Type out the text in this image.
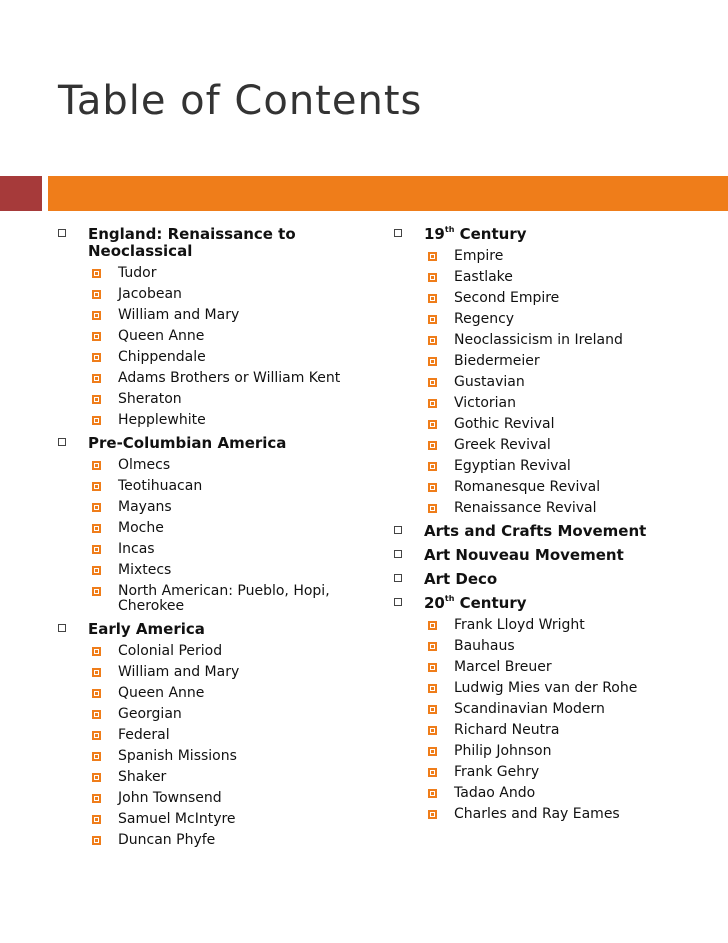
Table of Contents
England: Renaissance to Neoclassical
Tudor
Jacobean
William and Mary
Queen Anne
Chippendale
Adams Brothers or William Kent
Sheraton
Hepplewhite
Pre-Columbian America
Olmecs
Teotihuacan
Mayans
Moche
Incas
Mixtecs
North American: Pueblo, Hopi, Cherokee
Early America
Colonial Period
William and Mary
Queen Anne
Georgian
Federal
Spanish Missions
Shaker
John Townsend
Samuel McIntyre
Duncan Phyfe
19th Century
Empire
Eastlake
Second Empire
Regency
Neoclassicism in Ireland
Biedermeier
Gustavian
Victorian
Gothic Revival
Greek Revival
Egyptian Revival
Romanesque Revival
Renaissance Revival
Arts and Crafts Movement
Art Nouveau Movement
Art Deco
20th Century
Frank Lloyd Wright
Bauhaus
Marcel Breuer
Ludwig Mies van der Rohe
Scandinavian Modern
Richard Neutra
Philip Johnson
Frank Gehry
Tadao Ando
Charles and Ray Eames
